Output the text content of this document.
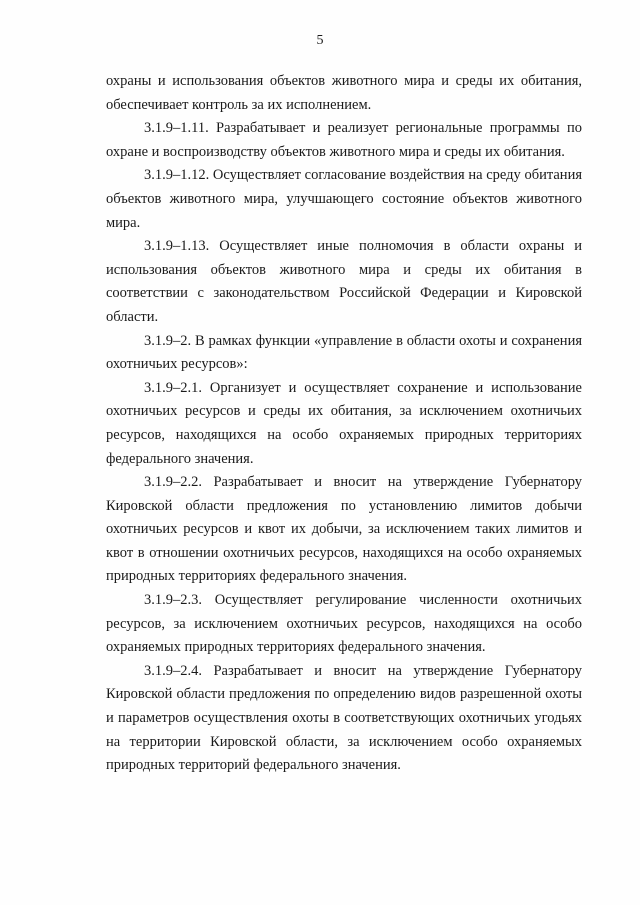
5

охраны и использования объектов животного мира и среды их обитания, обеспечивает контроль за их исполнением.

3.1.9–1.11. Разрабатывает и реализует региональные программы по охране и воспроизводству объектов животного мира и среды их обитания.

3.1.9–1.12. Осуществляет согласование воздействия на среду обитания объектов животного мира, улучшающего состояние объектов животного мира.

3.1.9–1.13. Осуществляет иные полномочия в области охраны и использования объектов животного мира и среды их обитания в соответствии с законодательством Российской Федерации и Кировской области.

3.1.9–2. В рамках функции «управление в области охоты и сохранения охотничьих ресурсов»:

3.1.9–2.1. Организует и осуществляет сохранение и использование охотничьих ресурсов и среды их обитания, за исключением охотничьих ресурсов, находящихся на особо охраняемых природных территориях федерального значения.

3.1.9–2.2. Разрабатывает и вносит на утверждение Губернатору Кировской области предложения по установлению лимитов добычи охотничьих ресурсов и квот их добычи, за исключением таких лимитов и квот в отношении охотничьих ресурсов, находящихся на особо охраняемых природных территориях федерального значения.

3.1.9–2.3. Осуществляет регулирование численности охотничьих ресурсов, за исключением охотничьих ресурсов, находящихся на особо охраняемых природных территориях федерального значения.

3.1.9–2.4. Разрабатывает и вносит на утверждение Губернатору Кировской области предложения по определению видов разрешенной охоты и параметров осуществления охоты в соответствующих охотничьих угодьях на территории Кировской области, за исключением особо охраняемых природных территорий федерального значения.
